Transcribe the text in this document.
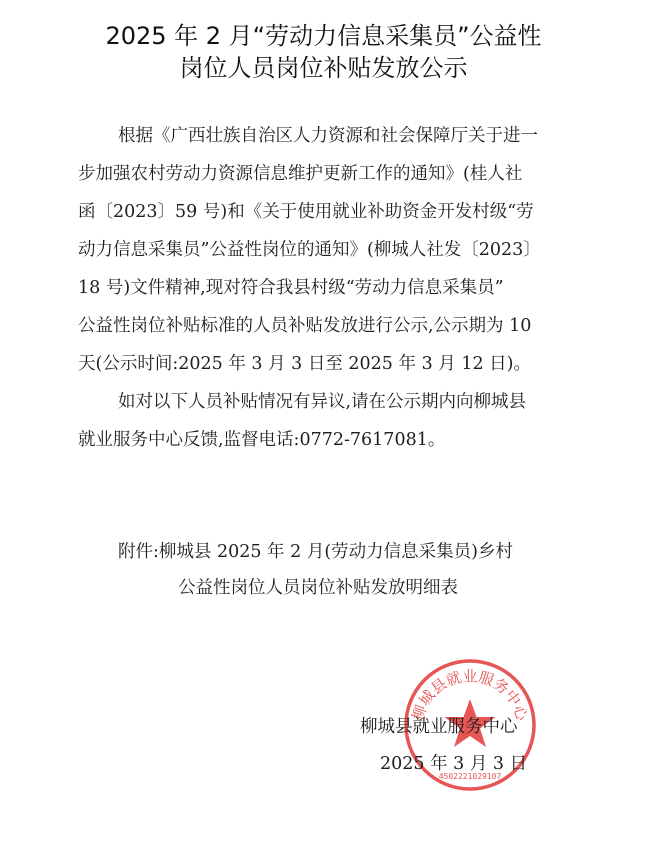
2025 年 2 月“劳动力信息采集员”公益性
岗位人员岗位补贴发放公示
根据《广西壮族自治区人力资源和社会保障厅关于进一
步加强农村劳动力资源信息维护更新工作的通知》(桂人社
函〔2023〕59 号)和《关于使用就业补助资金开发村级“劳
动力信息采集员”公益性岗位的通知》(柳城人社发〔2023〕
18 号)文件精神,现对符合我县村级“劳动力信息采集员”
公益性岗位补贴标准的人员补贴发放进行公示,公示期为 10
天(公示时间:2025 年 3 月 3 日至 2025 年 3 月 12 日)。
如对以下人员补贴情况有异议,请在公示期内向柳城县
就业服务中心反馈,监督电话:0772-7617081。
附件:柳城县 2025 年 2 月(劳动力信息采集员)乡村
公益性岗位人员岗位补贴发放明细表
柳城县就业服务中心
4502221029107
柳城县就业服务中心
2025 年 3 月 3 日
